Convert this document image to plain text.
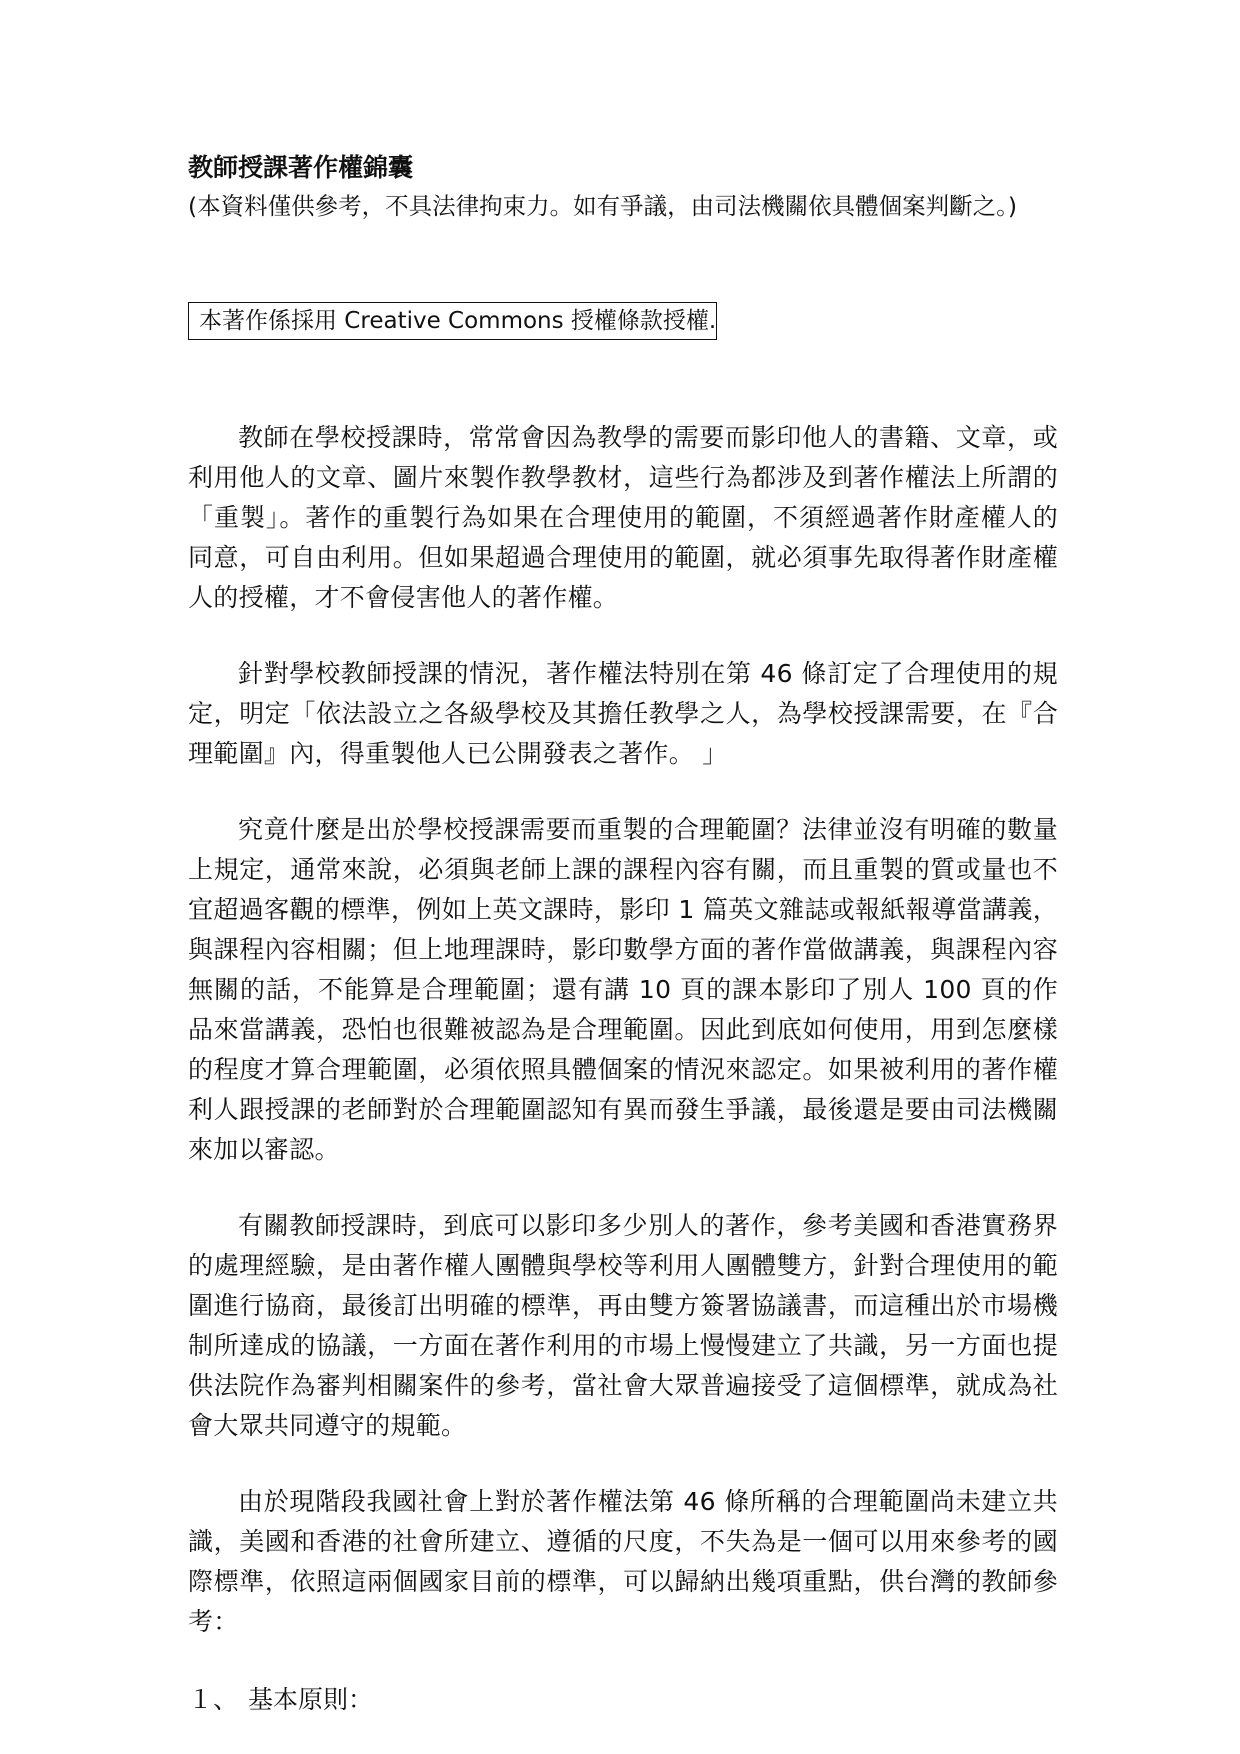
教師授課著作權錦囊
(本資料僅供參考，不具法律拘束力。如有爭議，由司法機關依具體個案判斷之。)
本著作係採用 Creative Commons 授權條款授權.

教師在學校授課時，常常會因為教學的需要而影印他人的書籍、文章，或利用他人的文章、圖片來製作教學教材，這些行為都涉及到著作權法上所謂的「重製」。著作的重製行為如果在合理使用的範圍，不須經過著作財產權人的同意，可自由利用。但如果超過合理使用的範圍，就必須事先取得著作財產權人的授權，才不會侵害他人的著作權。

針對學校教師授課的情況，著作權法特別在第 46 條訂定了合理使用的規定，明定「依法設立之各級學校及其擔任教學之人，為學校授課需要，在『合理範圍』內，得重製他人已公開發表之著作。 」

究竟什麼是出於學校授課需要而重製的合理範圍？法律並沒有明確的數量上規定，通常來說，必須與老師上課的課程內容有關，而且重製的質或量也不宜超過客觀的標準，例如上英文課時，影印 1 篇英文雜誌或報紙報導當講義，與課程內容相關；但上地理課時，影印數學方面的著作當做講義，與課程內容無關的話，不能算是合理範圍；還有講 10 頁的課本影印了別人 100 頁的作品來當講義，恐怕也很難被認為是合理範圍。因此到底如何使用，用到怎麼樣的程度才算合理範圍，必須依照具體個案的情況來認定。如果被利用的著作權利人跟授課的老師對於合理範圍認知有異而發生爭議，最後還是要由司法機關來加以審認。

有關教師授課時，到底可以影印多少別人的著作，參考美國和香港實務界的處理經驗，是由著作權人團體與學校等利用人團體雙方，針對合理使用的範圍進行協商，最後訂出明確的標準，再由雙方簽署協議書，而這種出於市場機制所達成的協議，一方面在著作利用的市場上慢慢建立了共識，另一方面也提供法院作為審判相關案件的參考，當社會大眾普遍接受了這個標準，就成為社會大眾共同遵守的規範。

由於現階段我國社會上對於著作權法第 46 條所稱的合理範圍尚未建立共識，美國和香港的社會所建立、遵循的尺度，不失為是一個可以用來參考的國際標準，依照這兩個國家目前的標準，可以歸納出幾項重點，供台灣的教師參考：

１、 基本原則：
